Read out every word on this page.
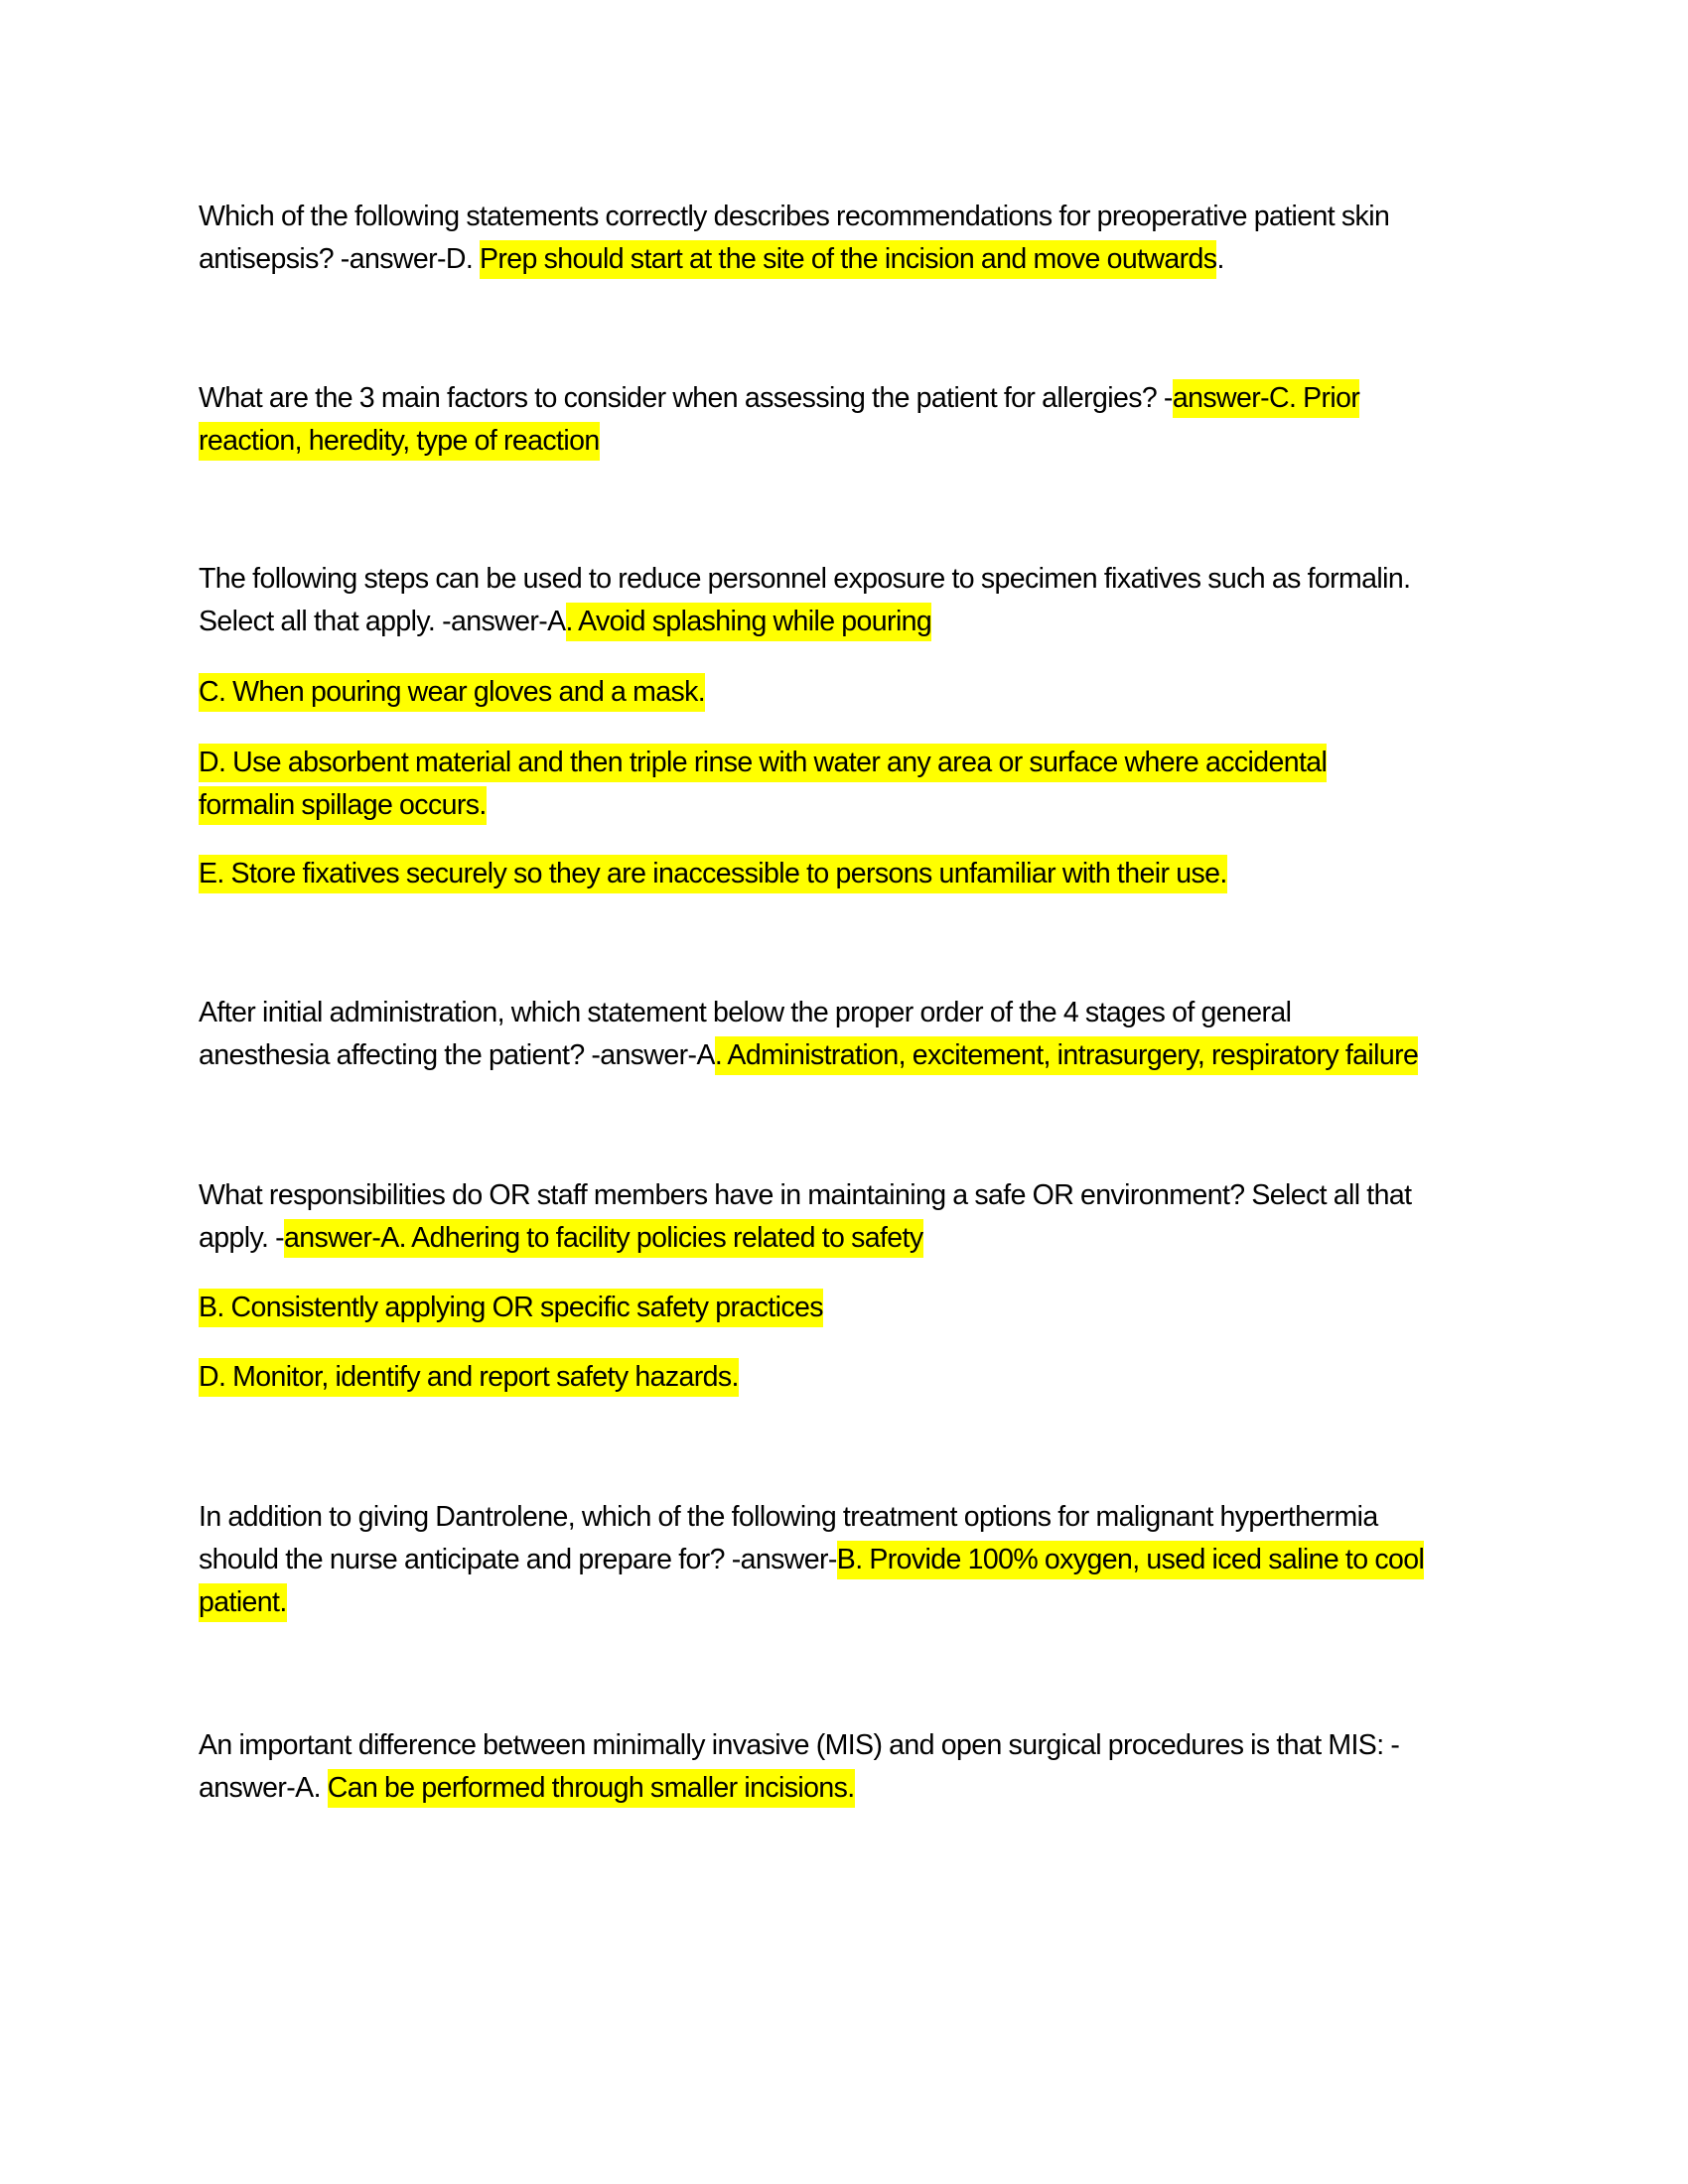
Which of the following statements correctly describes recommendations for preoperative patient skin
antisepsis? -answer-D. Prep should start at the site of the incision and move outwards.
What are the 3 main factors to consider when assessing the patient for allergies? -answer-C. Prior
reaction, heredity, type of reaction
The following steps can be used to reduce personnel exposure to specimen fixatives such as formalin.
Select all that apply. -answer-A. Avoid splashing while pouring
C. When pouring wear gloves and a mask.
D. Use absorbent material and then triple rinse with water any area or surface where accidental
formalin spillage occurs.
E. Store fixatives securely so they are inaccessible to persons unfamiliar with their use.
After initial administration, which statement below the proper order of the 4 stages of general
anesthesia affecting the patient? -answer-A. Administration, excitement, intrasurgery, respiratory failure
What responsibilities do OR staff members have in maintaining a safe OR environment? Select all that
apply. -answer-A. Adhering to facility policies related to safety
B. Consistently applying OR specific safety practices
D. Monitor, identify and report safety hazards.
In addition to giving Dantrolene, which of the following treatment options for malignant hyperthermia
should the nurse anticipate and prepare for? -answer-B. Provide 100% oxygen, used iced saline to cool
patient.
An important difference between minimally invasive (MIS) and open surgical procedures is that MIS: -
answer-A. Can be performed through smaller incisions.
